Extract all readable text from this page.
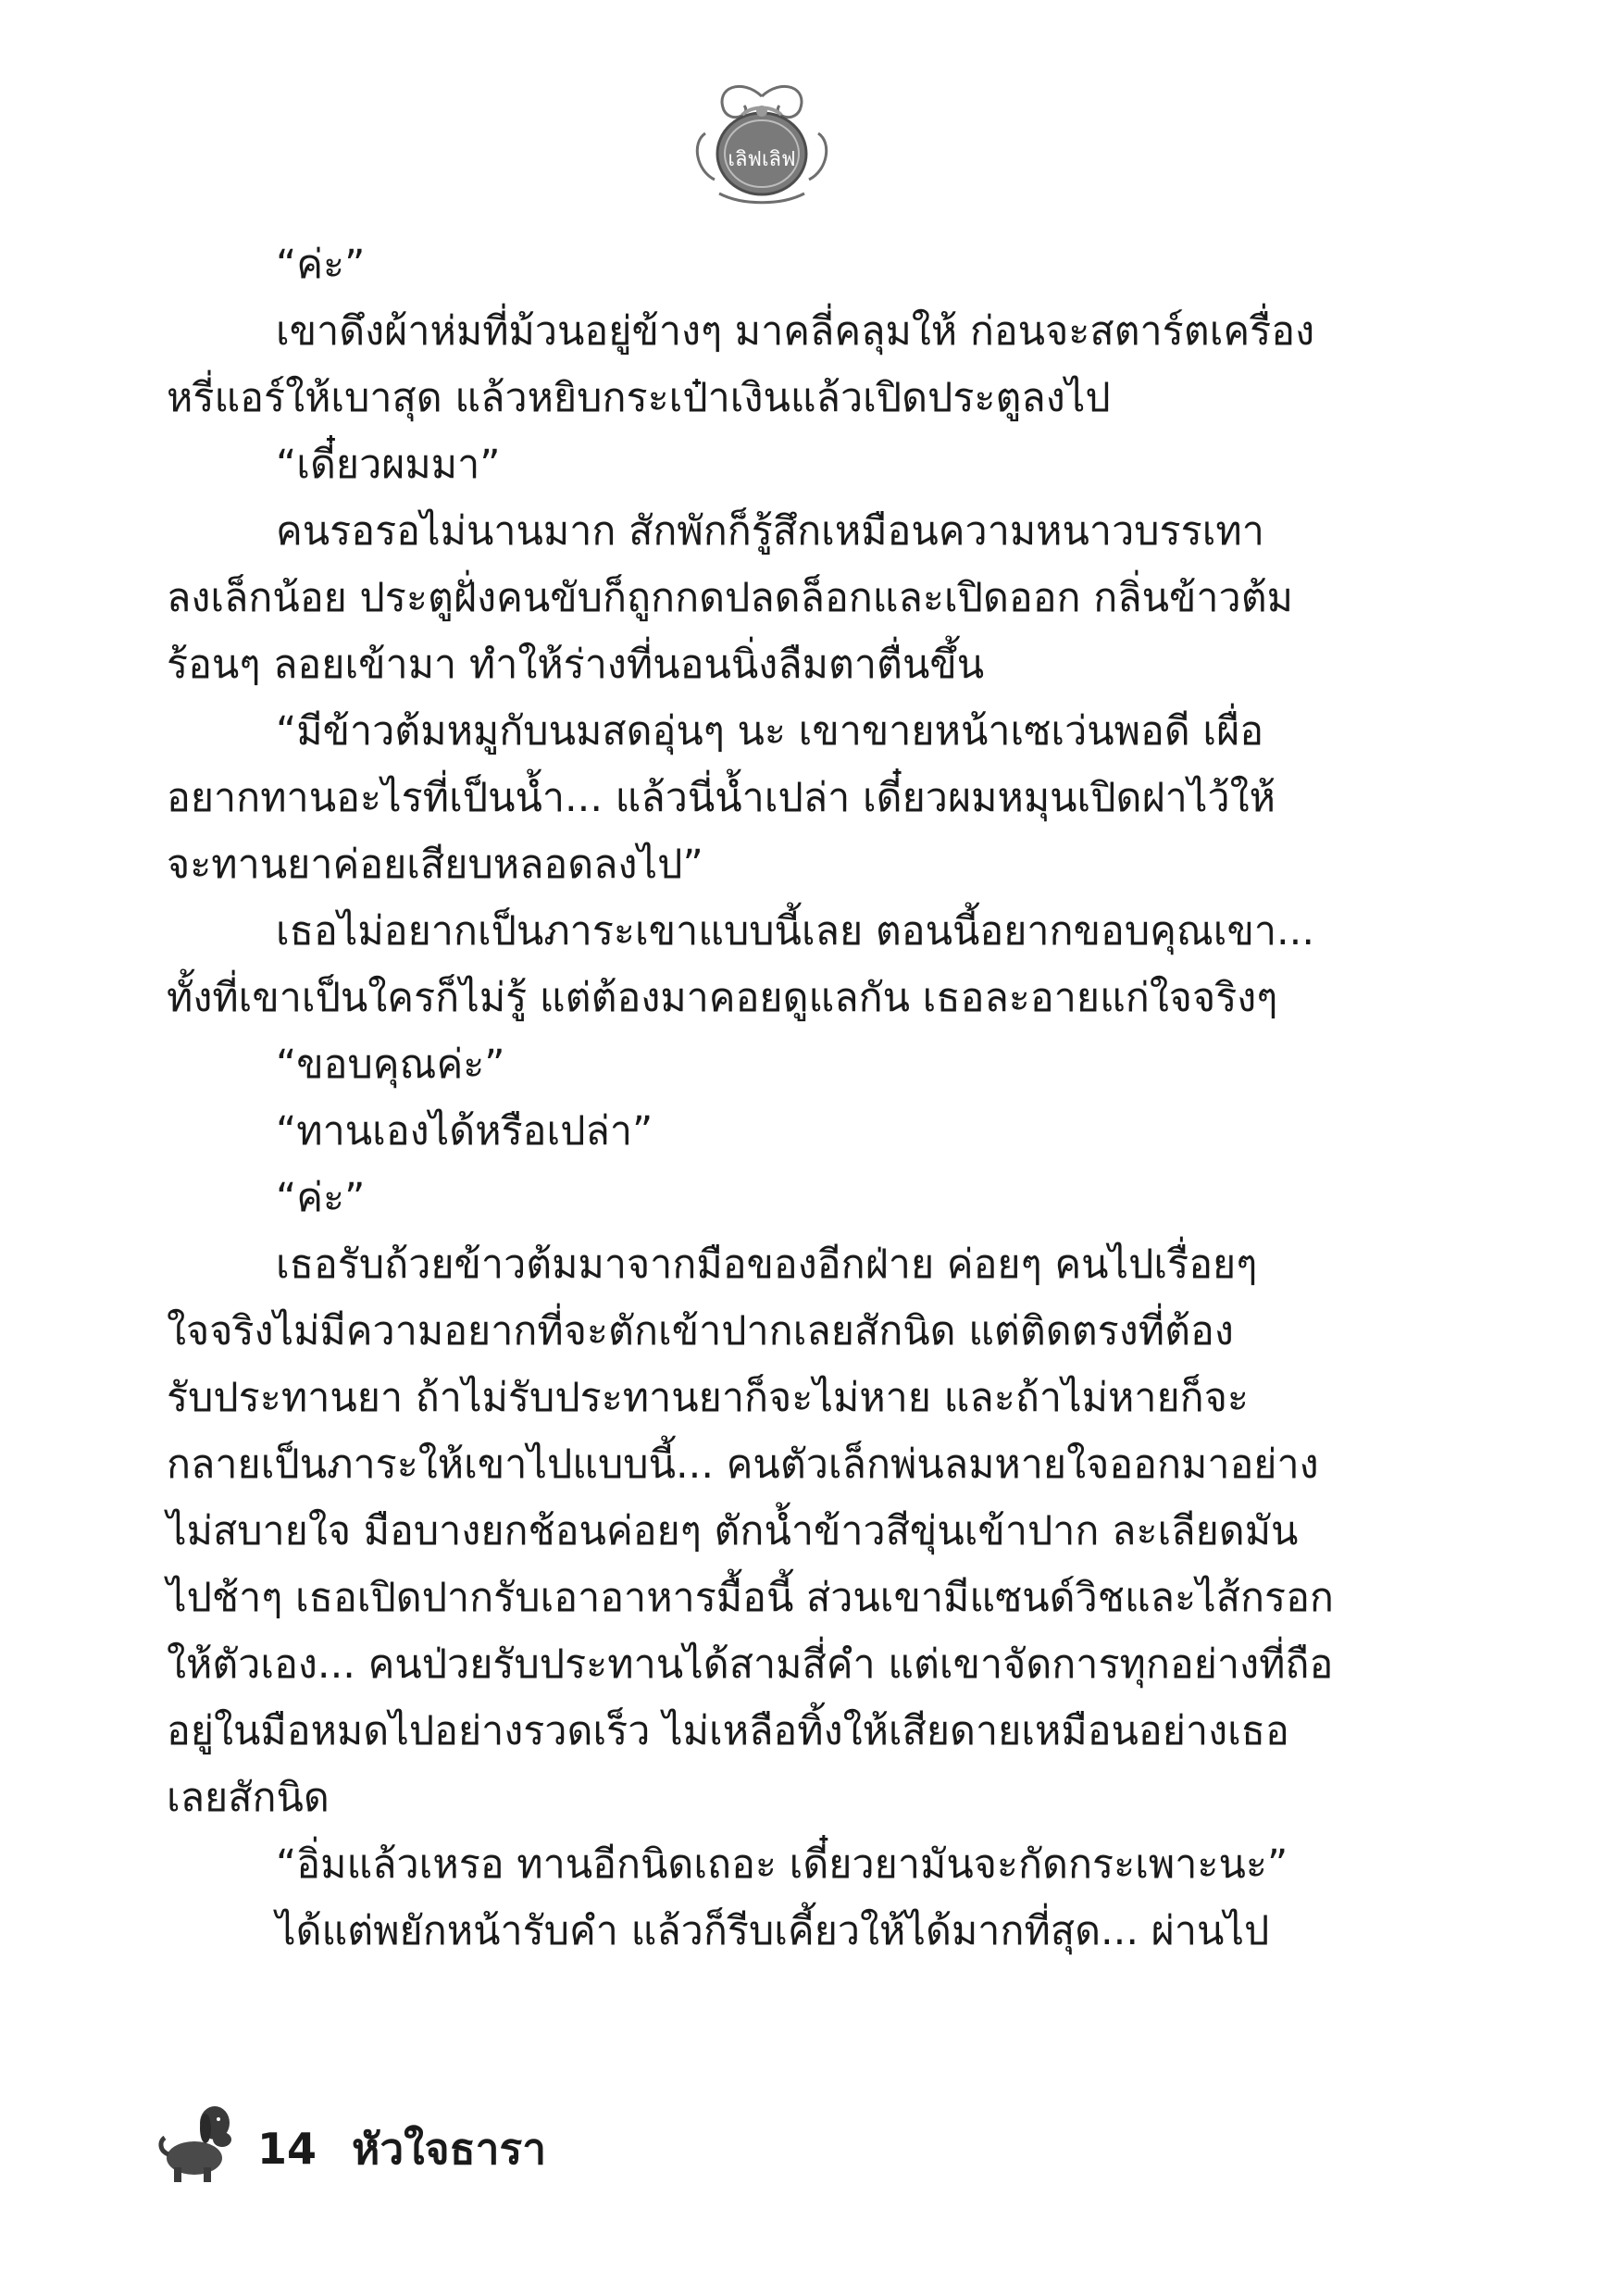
เลิฟเลิฟ
“ค่ะ”
เขาดึงผ้าห่มที่ม้วนอยู่ข้างๆ มาคลี่คลุมให้ ก่อนจะสตาร์ตเครื่อง
หรี่แอร์ให้เบาสุด แล้วหยิบกระเป๋าเงินแล้วเปิดประตูลงไป
“เดี๋ยวผมมา”
คนรอรอไม่นานมาก สักพักก็รู้สึกเหมือนความหนาวบรรเทา
ลงเล็กน้อย ประตูฝั่งคนขับก็ถูกกดปลดล็อกและเปิดออก กลิ่นข้าวต้ม
ร้อนๆ ลอยเข้ามา ทำให้ร่างที่นอนนิ่งลืมตาตื่นขึ้น
“มีข้าวต้มหมูกับนมสดอุ่นๆ นะ เขาขายหน้าเซเว่นพอดี เผื่อ
อยากทานอะไรที่เป็นน้ำ... แล้วนี่น้ำเปล่า เดี๋ยวผมหมุนเปิดฝาไว้ให้
จะทานยาค่อยเสียบหลอดลงไป”
เธอไม่อยากเป็นภาระเขาแบบนี้เลย ตอนนี้อยากขอบคุณเขา...
ทั้งที่เขาเป็นใครก็ไม่รู้ แต่ต้องมาคอยดูแลกัน เธอละอายแก่ใจจริงๆ
“ขอบคุณค่ะ”
“ทานเองได้หรือเปล่า”
“ค่ะ”
เธอรับถ้วยข้าวต้มมาจากมือของอีกฝ่าย ค่อยๆ คนไปเรื่อยๆ
ใจจริงไม่มีความอยากที่จะตักเข้าปากเลยสักนิด แต่ติดตรงที่ต้อง
รับประทานยา ถ้าไม่รับประทานยาก็จะไม่หาย และถ้าไม่หายก็จะ
กลายเป็นภาระให้เขาไปแบบนี้... คนตัวเล็กพ่นลมหายใจออกมาอย่าง
ไม่สบายใจ มือบางยกช้อนค่อยๆ ตักน้ำข้าวสีขุ่นเข้าปาก ละเลียดมัน
ไปช้าๆ เธอเปิดปากรับเอาอาหารมื้อนี้ ส่วนเขามีแซนด์วิชและไส้กรอก
ให้ตัวเอง... คนป่วยรับประทานได้สามสี่คำ แต่เขาจัดการทุกอย่างที่ถือ
อยู่ในมือหมดไปอย่างรวดเร็ว ไม่เหลือทิ้งให้เสียดายเหมือนอย่างเธอ
เลยสักนิด
“อิ่มแล้วเหรอ ทานอีกนิดเถอะ เดี๋ยวยามันจะกัดกระเพาะนะ”
ได้แต่พยักหน้ารับคำ แล้วก็รีบเคี้ยวให้ได้มากที่สุด... ผ่านไป
14 หัวใจธารา
